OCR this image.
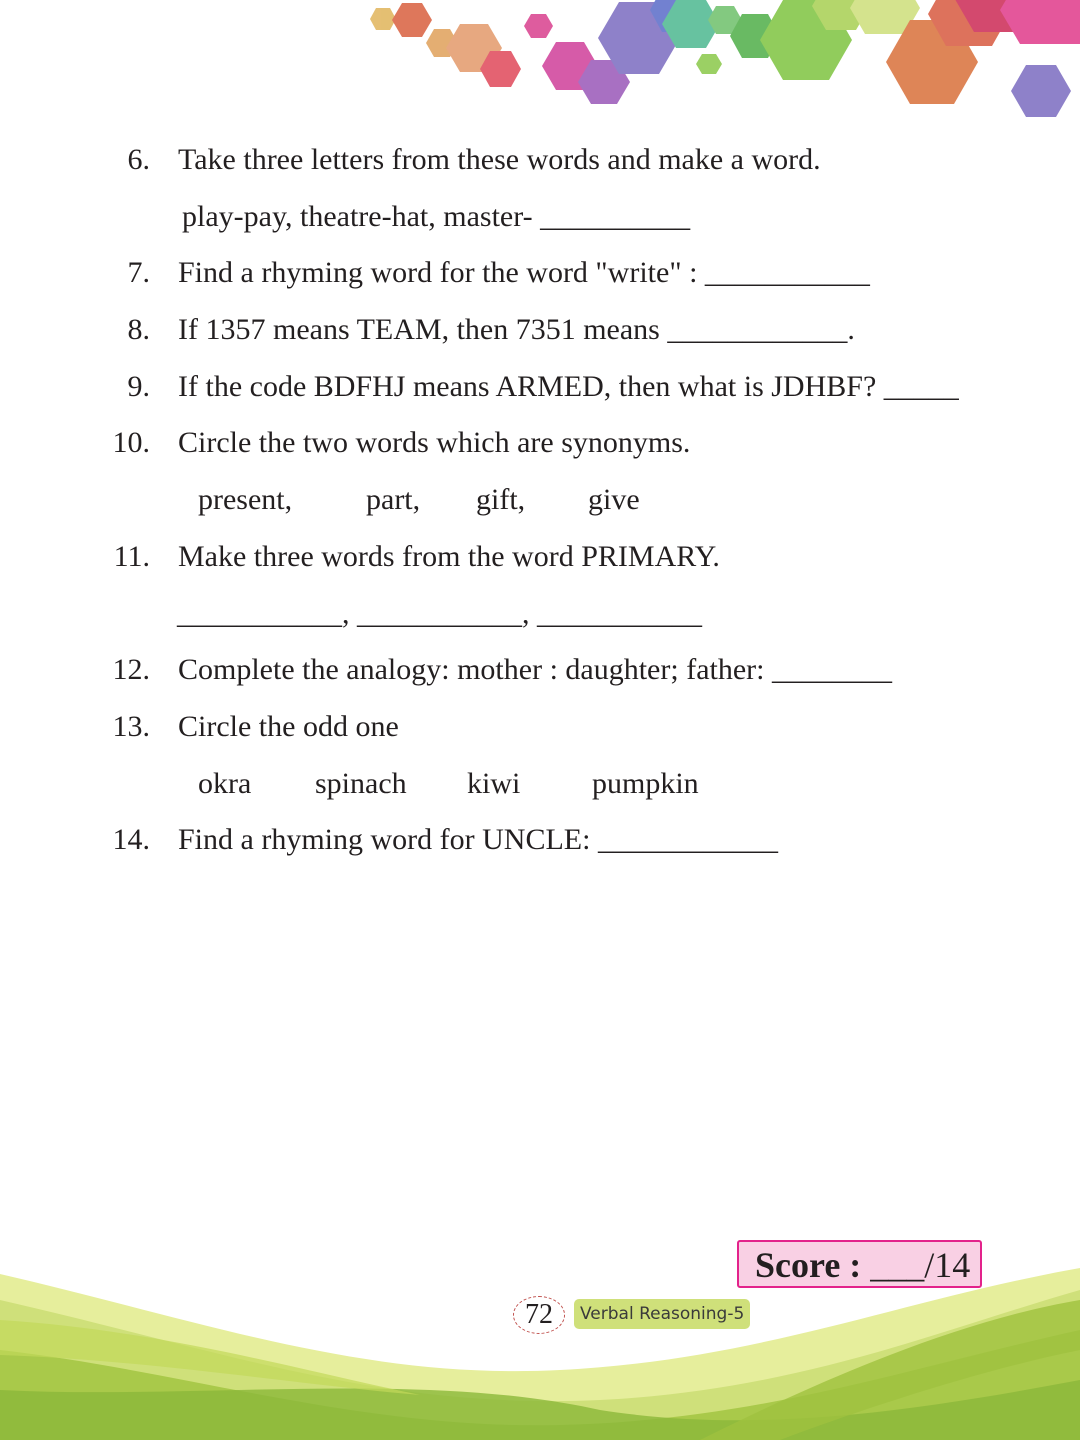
6. Take three letters from these words and make a word.
play-pay, theatre-hat, master- __________
7. Find a rhyming word for the word "write" : ___________
8. If 1357 means TEAM, then 7351 means ____________.
9. If the code BDFHJ means ARMED, then what is JDHBF? _____
10. Circle the two words which are synonyms.
present, part, gift, give
11. Make three words from the word PRIMARY.
___________, ___________, ___________
12. Complete the analogy: mother : daughter; father: ________
13. Circle the odd one
okra spinach kiwi pumpkin
14. Find a rhyming word for UNCLE: ____________
Score : ___/14
72	Verbal Reasoning-5
